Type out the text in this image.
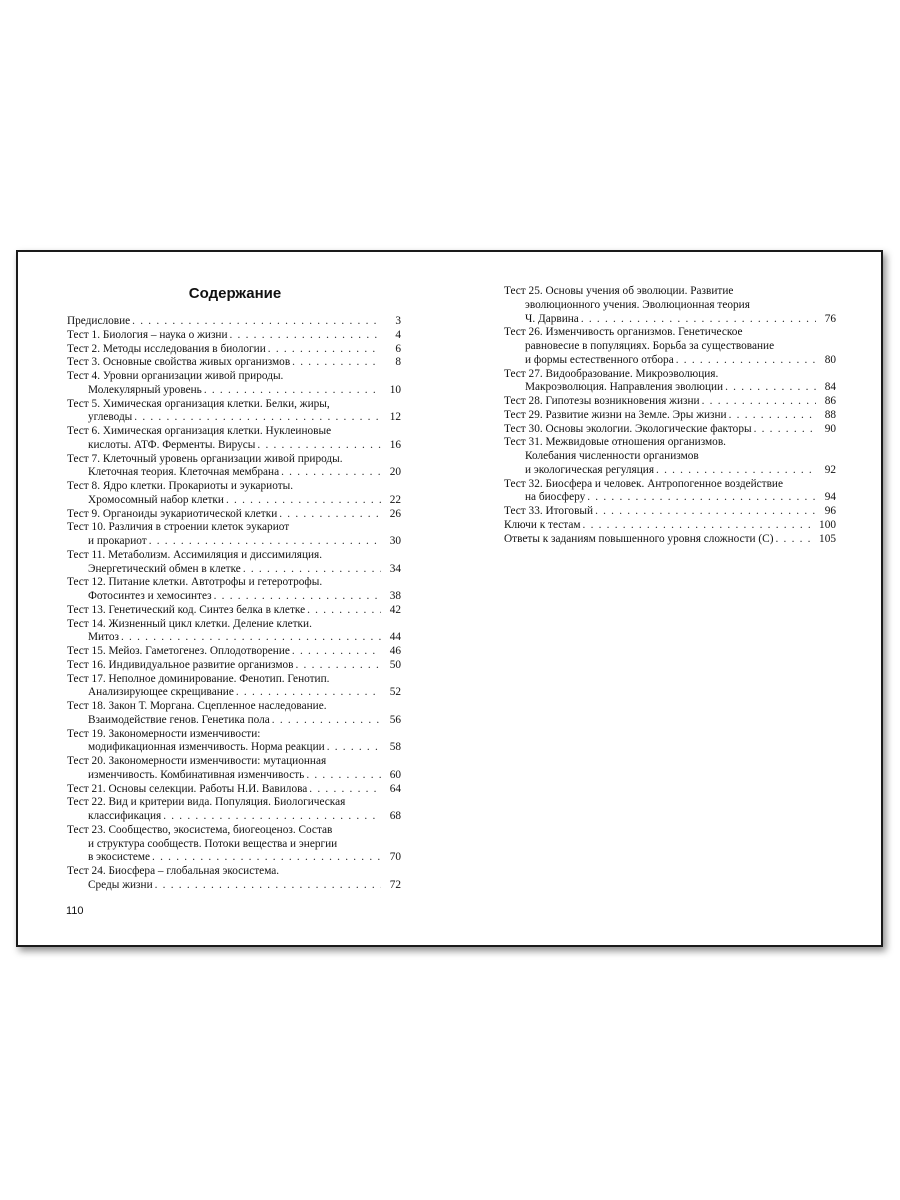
Содержание
Предисловие . . .	3
Тест 1. Биология – наука о жизни . . .	4
Тест 2. Методы исследования в биологии . . .	6
Тест 3. Основные свойства живых организмов . . .	8
Тест 4. Уровни организации живой природы.
Молекулярный уровень . . .	10
Тест 5. Химическая организация клетки. Белки, жиры,
углеводы . . .	12
Тест 6. Химическая организация клетки. Нуклеиновые
кислоты. АТФ. Ферменты. Вирусы . . .	16
Тест 7. Клеточный уровень организации живой природы.
Клеточная теория. Клеточная мембрана . . .	20
Тест 8. Ядро клетки. Прокариоты и эукариоты.
Хромосомный набор клетки . . .	22
Тест 9. Органоиды эукариотической клетки . . .	26
Тест 10. Различия в строении клеток эукариот
и прокариот . . .	30
Тест 11. Метаболизм. Ассимиляция и диссимиляция.
Энергетический обмен в клетке . . .	34
Тест 12. Питание клетки. Автотрофы и гетеротрофы.
Фотосинтез и хемосинтез . . .	38
Тест 13. Генетический код. Синтез белка в клетке . . .	42
Тест 14. Жизненный цикл клетки. Деление клетки.
Митоз . . .	44
Тест 15. Мейоз. Гаметогенез. Оплодотворение . . .	46
Тест 16. Индивидуальное развитие организмов . . .	50
Тест 17. Неполное доминирование. Фенотип. Генотип.
Анализирующее скрещивание . . .	52
Тест 18. Закон Т. Моргана. Сцепленное наследование.
Взаимодействие генов. Генетика пола . . .	56
Тест 19. Закономерности изменчивости:
модификационная изменчивость. Норма реакции . . .	58
Тест 20. Закономерности изменчивости: мутационная
изменчивость. Комбинативная изменчивость . . .	60
Тест 21. Основы селекции. Работы Н.И. Вавилова . . .	64
Тест 22. Вид и критерии вида. Популяция. Биологическая
классификация . . .	68
Тест 23. Сообщество, экосистема, биогеоценоз. Состав
и структура сообществ. Потоки вещества и энергии
в экосистеме . . .	70
Тест 24. Биосфера – глобальная экосистема.
Среды жизни . . .	72
Тест 25. Основы учения об эволюции. Развитие
эволюционного учения. Эволюционная теория
Ч. Дарвина . . .	76
Тест 26. Изменчивость организмов. Генетическое
равновесие в популяциях. Борьба за существование
и формы естественного отбора . . .	80
Тест 27. Видообразование. Микроэволюция.
Макроэволюция. Направления эволюции . . .	84
Тест 28. Гипотезы возникновения жизни . . .	86
Тест 29. Развитие жизни на Земле. Эры жизни . . .	88
Тест 30. Основы экологии. Экологические факторы . . .	90
Тест 31. Межвидовые отношения организмов.
Колебания численности организмов
и экологическая регуляция . . .	92
Тест 32. Биосфера и человек. Антропогенное воздействие
на биосферу . . .	94
Тест 33. Итоговый . . .	96
Ключи к тестам . . .	100
Ответы к заданиям повышенного уровня сложности (С) . . .	105
110
